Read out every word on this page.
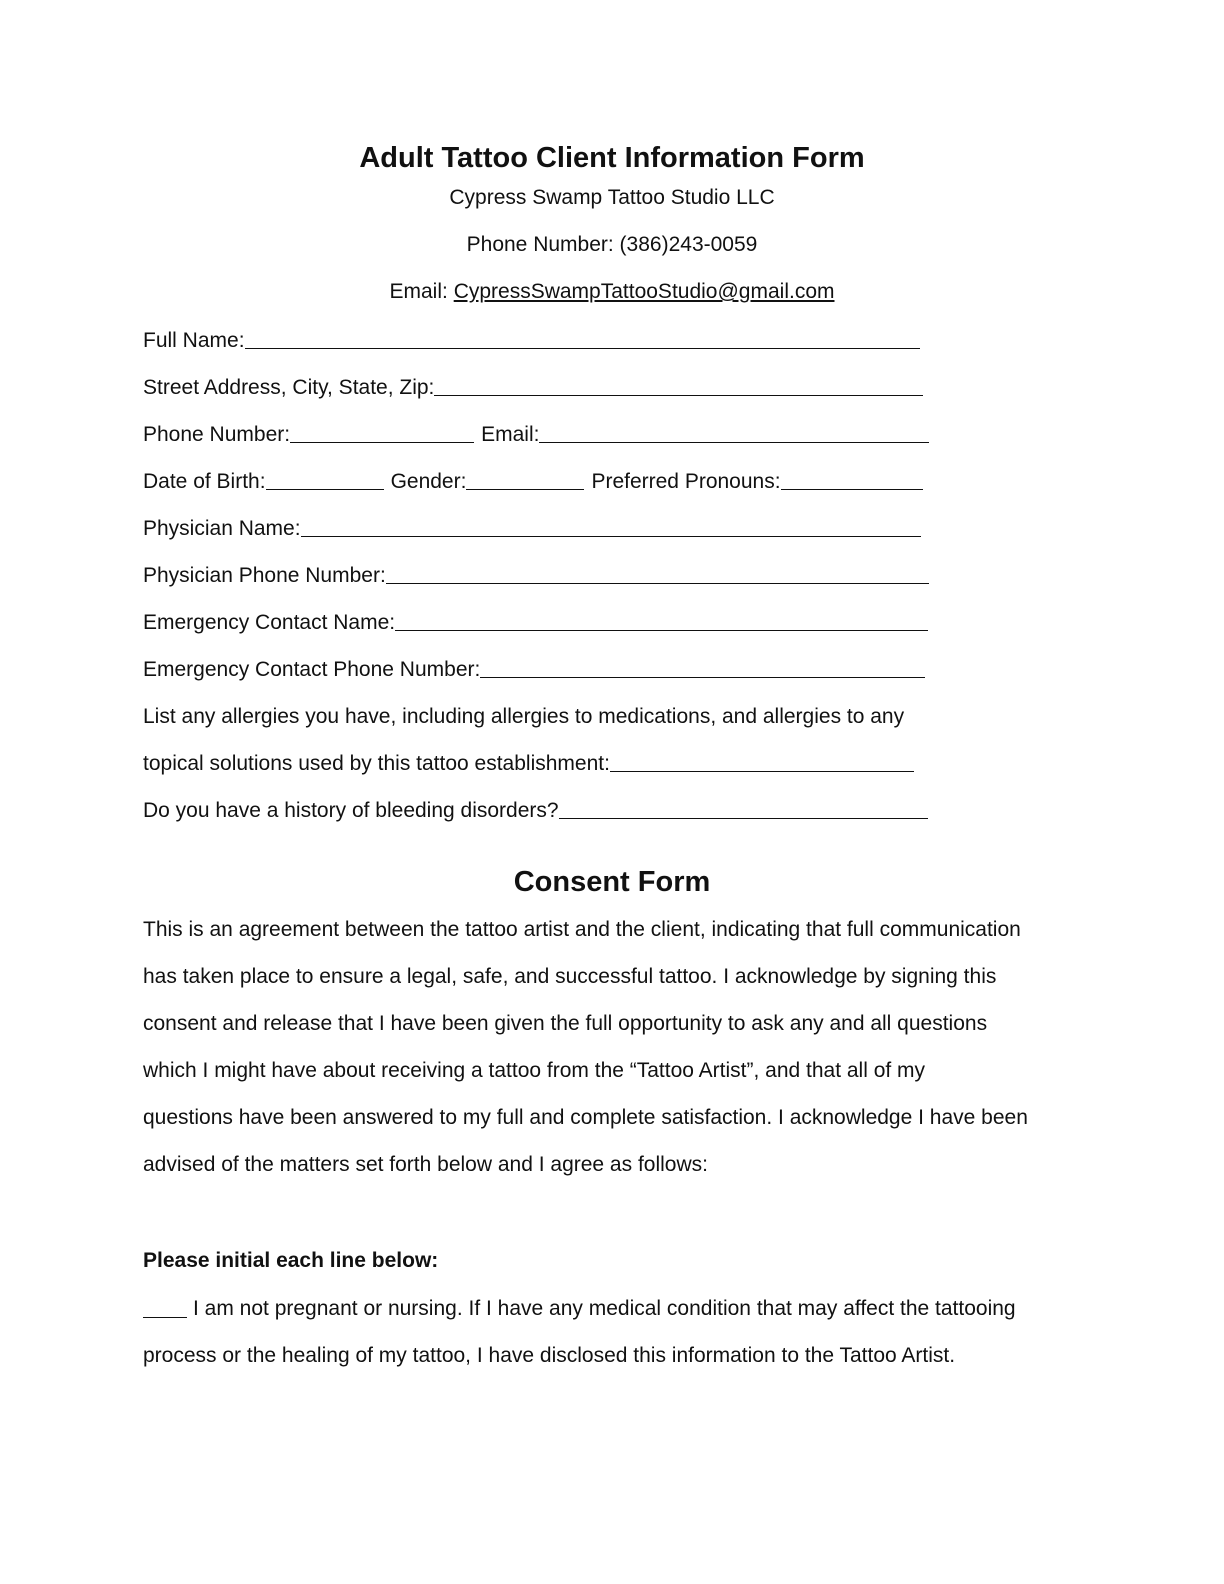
Adult Tattoo Client Information Form
Cypress Swamp Tattoo Studio LLC
Phone Number: (386)243-0059
Email: CypressSwampTattooStudio@gmail.com
Full Name:
Street Address, City, State, Zip:
Phone Number:	Email:
Date of Birth:	Gender:	Preferred Pronouns:
Physician Name:
Physician Phone Number:
Emergency Contact Name:
Emergency Contact Phone Number:
List any allergies you have, including allergies to medications, and allergies to any
topical solutions used by this tattoo establishment:
Do you have a history of bleeding disorders?
Consent Form
This is an agreement between the tattoo artist and the client, indicating that full communication
has taken place to ensure a legal, safe, and successful tattoo. I acknowledge by signing this
consent and release that I have been given the full opportunity to ask any and all questions
which I might have about receiving a tattoo from the “Tattoo Artist”, and that all of my
questions have been answered to my full and complete satisfaction. I acknowledge I have been
advised of the matters set forth below and I agree as follows:
Please initial each line below:
I am not pregnant or nursing. If I have any medical condition that may affect the tattooing
process or the healing of my tattoo, I have disclosed this information to the Tattoo Artist.
